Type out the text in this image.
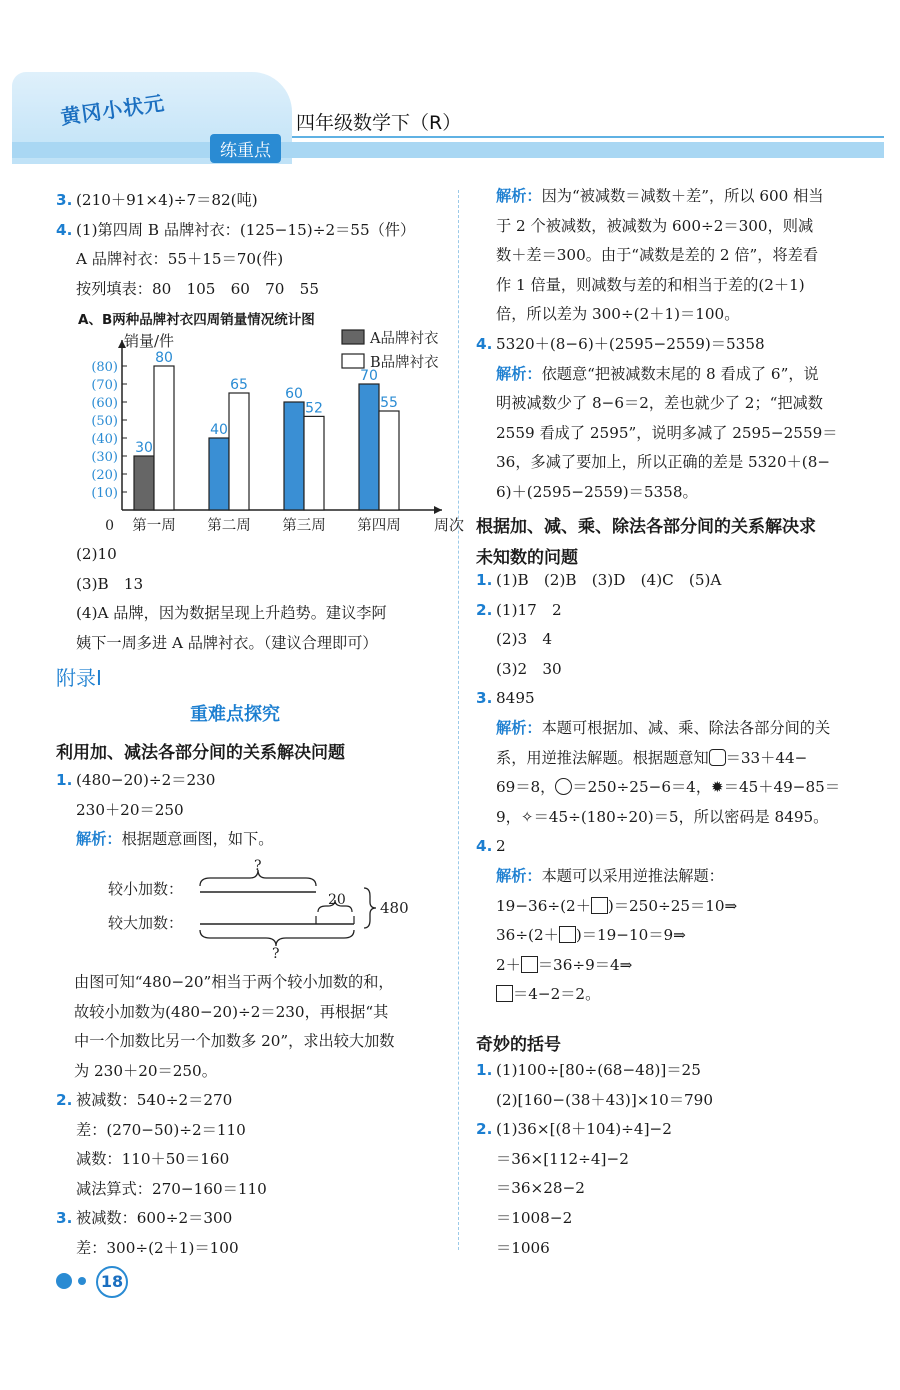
黄冈小状元
练重点
四年级数学下（R）
3. (210＋91×4)÷7＝82(吨)
4. (1)第四周 B 品牌衬衣：(125−15)÷2＝55（件）
A 品牌衬衣：55＋15＝70(件)
按列填表：80　105　60　70　55
A、B两种品牌衬衣四周销量情况统计图
销量/件
周次
0
(10)
(20)
(30)
(40)
(50)
(60)
(70)
(80)
30
80
第一周
40
65
第二周
60
52
第三周
70
55
第四周
A品牌衬衣
B品牌衬衣
(2)10
(3)B　13
(4)A 品牌，因为数据呈现上升趋势。建议李阿
姨下一周多进 A 品牌衬衣。（建议合理即可）
附录Ⅰ
重难点探究
利用加、减法各部分间的关系解决问题
1. (480−20)÷2＝230
230＋20＝250
解析：根据题意画图，如下。
较小加数：
较大加数：
?
?
20 480
由图可知“480−20”相当于两个较小加数的和，
故较小加数为(480−20)÷2＝230，再根据“其
中一个加数比另一个加数多 20”，求出较大加数
为 230＋20＝250。
2. 被减数：540÷2＝270
差：(270−50)÷2＝110
减数：110＋50＝160
减法算式：270−160＝110
3. 被减数：600÷2＝300
差：300÷(2＋1)＝100
18
解析：因为“被减数＝减数＋差”，所以 600 相当
于 2 个被减数，被减数为 600÷2＝300，则减
数＋差＝300。由于“减数是差的 2 倍”，将差看
作 1 倍量，则减数与差的和相当于差的(2＋1)
倍，所以差为 300÷(2＋1)＝100。
4. 5320＋(8−6)＋(2595−2559)＝5358
解析：依题意“把被减数末尾的 8 看成了 6”，说
明被减数少了 8−6＝2，差也就少了 2；“把减数
2559 看成了 2595”，说明多减了 2595−2559＝
36，多减了要加上，所以正确的差是 5320＋(8−
6)＋(2595−2559)＝5358。
根据加、减、乘、除法各部分间的关系解决求
未知数的问题
1. (1)B　(2)B　(3)D　(4)C　(5)A
2. (1)17　2
(2)3　4
(3)2　30
3. 8495
解析：本题可根据加、减、乘、除法各部分间的关
系，用逆推法解题。根据题意知 ＝33＋44−
69＝8， ＝250÷25−6＝4，✹＝45＋49−85＝
9，✧＝45÷(180÷20)＝5，所以密码是 8495。
4. 2
解析：本题可以采用逆推法解题：
19−36÷(2＋ )＝250÷25＝10⇒
36÷(2＋ )＝19−10＝9⇒
2＋ ＝36÷9＝4⇒
＝4−2＝2。
奇妙的括号
1. (1)100÷[80÷(68−48)]＝25
(2)[160−(38＋43)]×10＝790
2. (1)36×[(8＋104)÷4]−2
＝36×[112÷4]−2
＝36×28−2
＝1008−2
＝1006
